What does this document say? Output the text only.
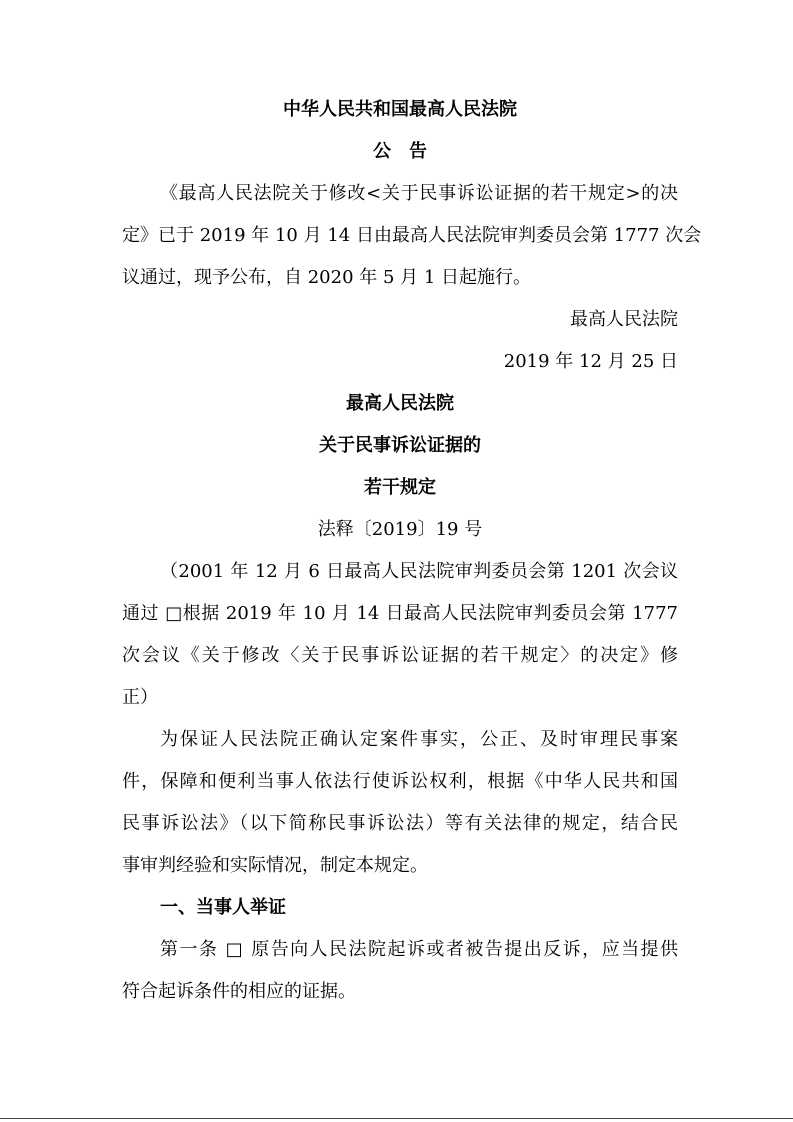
中华人民共和国最高人民法院
公　告
《最高人民法院关于修改<关于民事诉讼证据的若干规定>的决
定》已于 2019 年 10 月 14 日由最高人民法院审判委员会第 1777 次会
议通过，现予公布，自 2020 年 5 月 1 日起施行。
最高人民法院
2019 年 12 月 25 日
最高人民法院
关于民事诉讼证据的
若干规定
法释〔2019〕19 号
（2001 年 12 月 6 日最高人民法院审判委员会第 1201 次会议
通过 □根据 2019 年 10 月 14 日最高人民法院审判委员会第 1777
次会议《关于修改〈关于民事诉讼证据的若干规定〉的决定》修
正）
为保证人民法院正确认定案件事实，公正、及时审理民事案
件，保障和便利当事人依法行使诉讼权利，根据《中华人民共和国
民事诉讼法》（以下简称民事诉讼法）等有关法律的规定，结合民
事审判经验和实际情况，制定本规定。
一、当事人举证
第一条 □ 原告向人民法院起诉或者被告提出反诉，应当提供
符合起诉条件的相应的证据。
